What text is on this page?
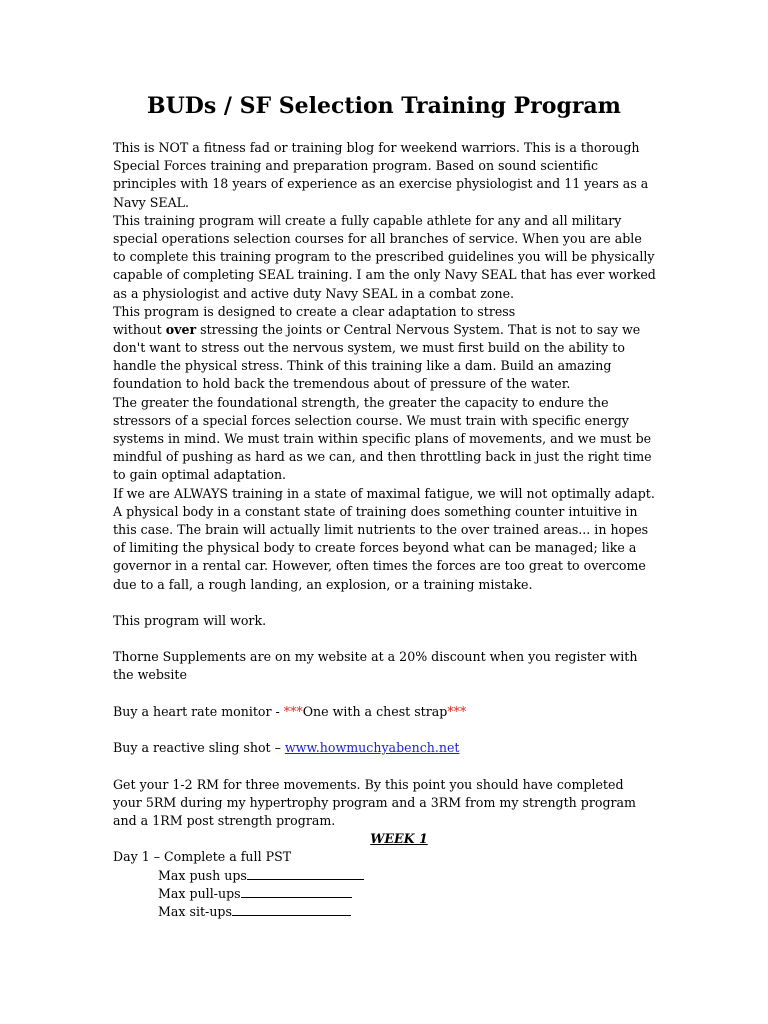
BUDs / SF Selection Training Program
This is NOT a fitness fad or training blog for weekend warriors. This is a thorough
Special Forces training and preparation program. Based on sound scientific
principles with 18 years of experience as an exercise physiologist and 11 years as a
Navy SEAL.
This training program will create a fully capable athlete for any and all military
special operations selection courses for all branches of service. When you are able
to complete this training program to the prescribed guidelines you will be physically
capable of completing SEAL training. I am the only Navy SEAL that has ever worked
as a physiologist and active duty Navy SEAL in a combat zone.
This program is designed to create a clear adaptation to stress
without over stressing the joints or Central Nervous System. That is not to say we
don't want to stress out the nervous system, we must first build on the ability to
handle the physical stress. Think of this training like a dam. Build an amazing
foundation to hold back the tremendous about of pressure of the water.
The greater the foundational strength, the greater the capacity to endure the
stressors of a special forces selection course. We must train with specific energy
systems in mind. We must train within specific plans of movements, and we must be
mindful of pushing as hard as we can, and then throttling back in just the right time
to gain optimal adaptation.
If we are ALWAYS training in a state of maximal fatigue, we will not optimally adapt.
A physical body in a constant state of training does something counter intuitive in
this case. The brain will actually limit nutrients to the over trained areas... in hopes
of limiting the physical body to create forces beyond what can be managed; like a
governor in a rental car. However, often times the forces are too great to overcome
due to a fall, a rough landing, an explosion, or a training mistake.
This program will work.
Thorne Supplements are on my website at a 20% discount when you register with
the website
Buy a heart rate monitor - ***One with a chest strap***
Buy a reactive sling shot – www.howmuchyabench.net
Get your 1-2 RM for three movements. By this point you should have completed
your 5RM during my hypertrophy program and a 3RM from my strength program
and a 1RM post strength program.
WEEK 1
Day 1 – Complete a full PST
Max push ups
Max pull-ups
Max sit-ups
